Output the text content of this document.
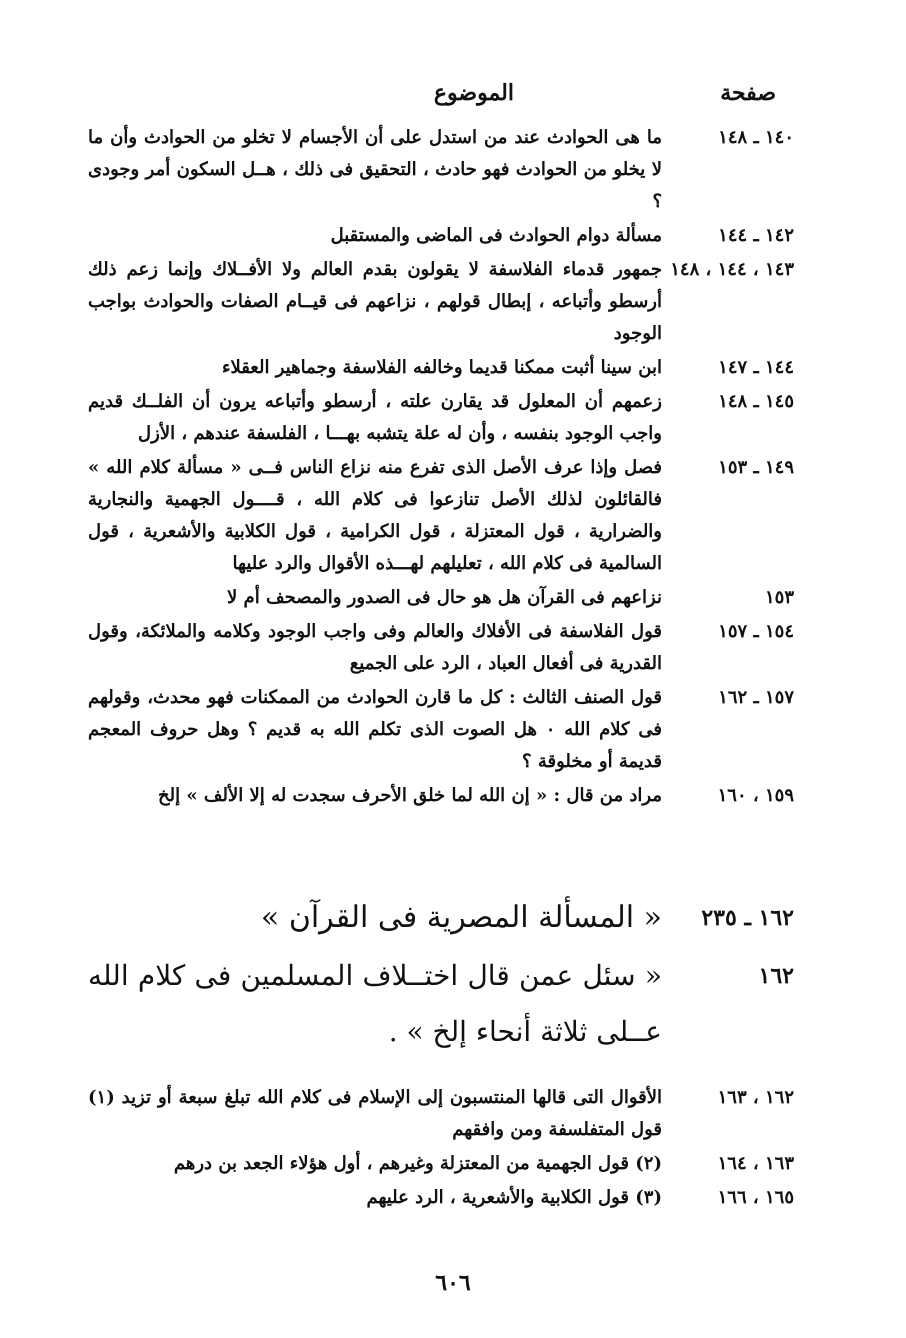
صفحة
الموضوع
١٤٠ ـ ١٤٨
ما هى الحوادث عند من استدل على أن الأجسام لا تخلو من الحوادث وأن ما لا يخلو من الحوادث فهو حادث ، التحقيق فى ذلك ، هــل السكون أمر وجودى ؟
١٤٢ ـ ١٤٤
مسألة دوام الحوادث فى الماضى والمستقبل
١٤٣ ، ١٤٤ ، ١٤٨
جمهور قدماء الفلاسفة لا يقولون بقدم العالم ولا الأفــلاك وإنما زعم ذلك أرسطو وأتباعه ، إبطال قولهم ، نزاعهم فى قيــام الصفات والحوادث بواجب الوجود
١٤٤ ـ ١٤٧
ابن سينا أثبت ممكنا قديما وخالفه الفلاسفة وجماهير العقلاء
١٤٥ ـ ١٤٨
زعمهم أن المعلول قد يقارن علته ، أرسطو وأتباعه يرون أن الفلــك قديم واجب الوجود بنفسه ، وأن له علة يتشبه بهـــا ، الفلسفة عندهم ، الأزل
١٤٩ ـ ١٥٣
فصل وإذا عرف الأصل الذى تفرع منه نزاع الناس فــى « مسألة كلام الله » فالقائلون لذلك الأصل تنازعوا فى كلام الله ، قــــول الجهمية والنجارية والضرارية ، قول المعتزلة ، قول الكرامية ، قول الكلابية والأشعرية ، قول السالمية فى كلام الله ، تعليلهم لهـــذه الأقوال والرد عليها
١٥٣
نزاعهم فى القرآن هل هو حال فى الصدور والمصحف أم لا
١٥٤ ـ ١٥٧
قول الفلاسفة فى الأفلاك والعالم وفى واجب الوجود وكلامه والملائكة، وقول القدرية فى أفعال العباد ، الرد على الجميع
١٥٧ ـ ١٦٢
قول الصنف الثالث : كل ما قارن الحوادث من الممكنات فهو محدث، وقولهم فى كلام الله ٠ هل الصوت الذى تكلم الله به قديم ؟ وهل حروف المعجم قديمة أو مخلوقة ؟
١٥٩ ، ١٦٠
مراد من قال : « إن الله لما خلق الأحرف سجدت له إلا الألف » إلخ
١٦٢ ـ ٢٣٥
« المسألة المصرية فى القرآن »
١٦٢
« سئل عمن قال اختــلاف المسلمين فى كلام الله عــلى ثلاثة أنحاء إلخ » .
١٦٢ ، ١٦٣
الأقوال التى قالها المنتسبون إلى الإسلام فى كلام الله تبلغ سبعة أو تزيد (١) قول المتفلسفة ومن وافقهم
١٦٣ ، ١٦٤
(٢) قول الجهمية من المعتزلة وغيرهم ، أول هؤلاء الجعد بن درهم
١٦٥ ، ١٦٦
(٣) قول الكلابية والأشعرية ، الرد عليهم
٦٠٦
